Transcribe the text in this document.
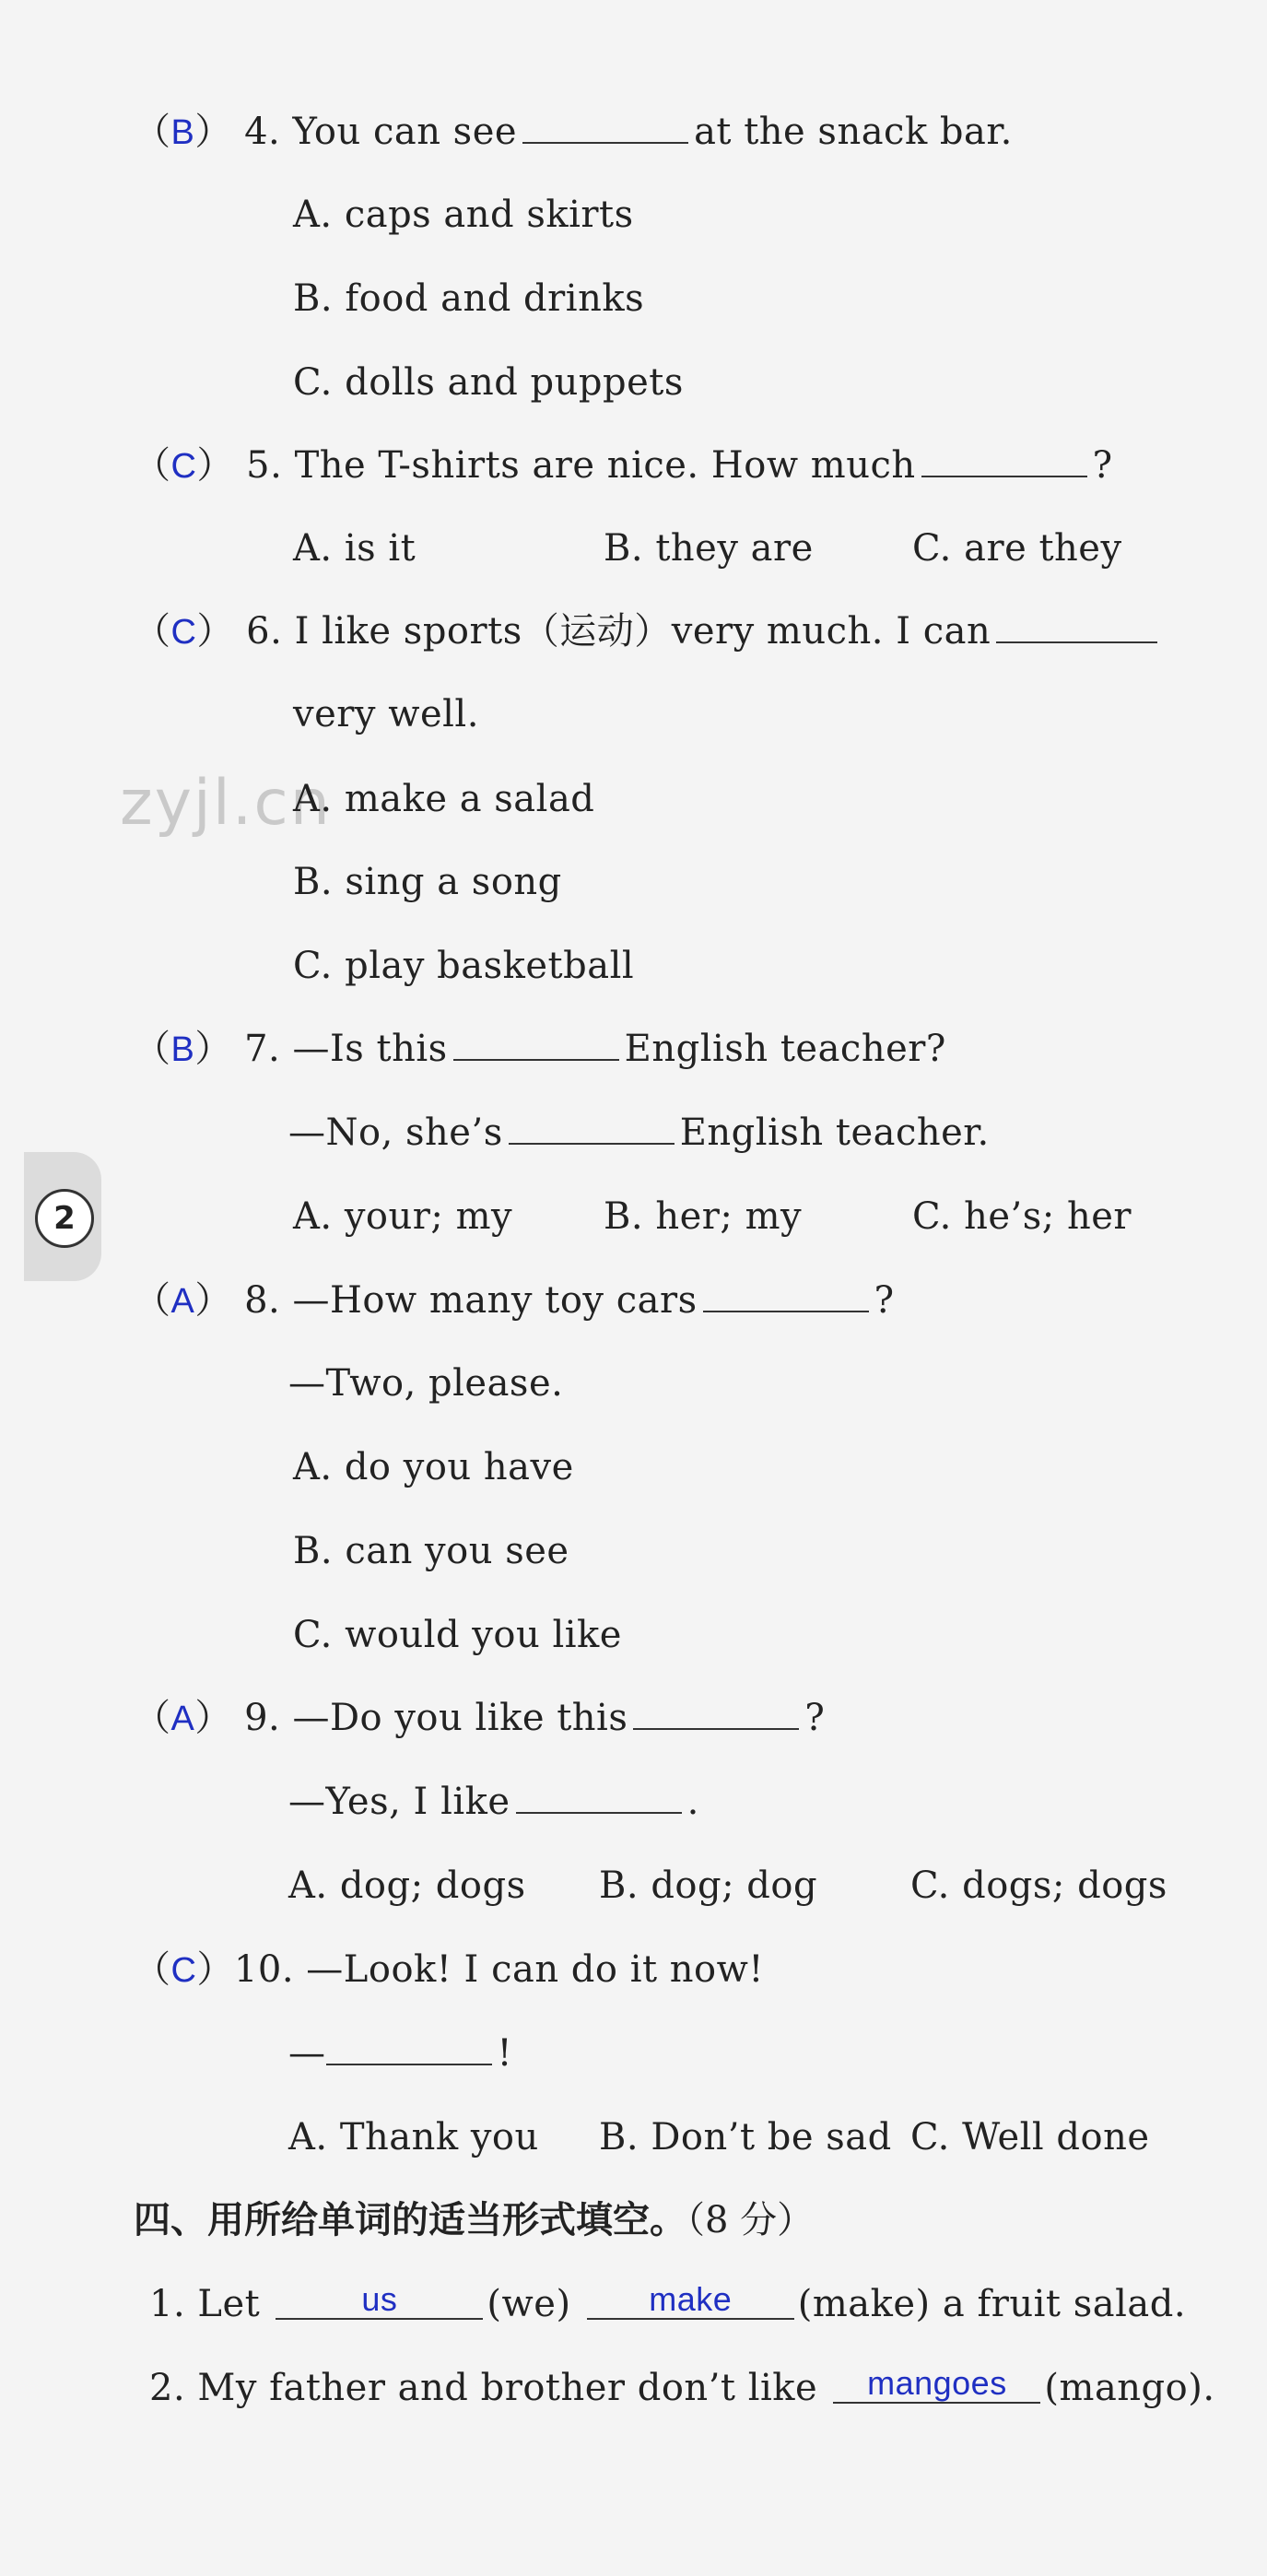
2
zyjl.cn
（B） 4. You can see	at the snack bar.
A. caps and skirts
B. food and drinks
C. dolls and puppets
（C） 5. The T-shirts are nice. How much	?
A. is it	B. they are	C. are they
（C） 6. I like sports（运动）very much. I can
very well.
A. make a salad
B. sing a song
C. play basketball
（B） 7. —Is this	English teacher?
—No, she’s	English teacher.
A. your; my B. her; my	C. he’s; her
（A） 8. —How many toy cars	?
—Two, please.
A. do you have
B. can you see
C. would you like
（A） 9. —Do you like this	?
—Yes, I like	.
A. dog; dogs B. dog; dog	C. dogs; dogs
（C）10. —Look! I can do it now!
—	!
A. Thank you B. Don’t be sad C. Well done
四、用所给单词的适当形式填空。（8 分）
1. Let	us (we) make (make) a fruit salad.
2. My father and brother don’t like mangoes (mango).
